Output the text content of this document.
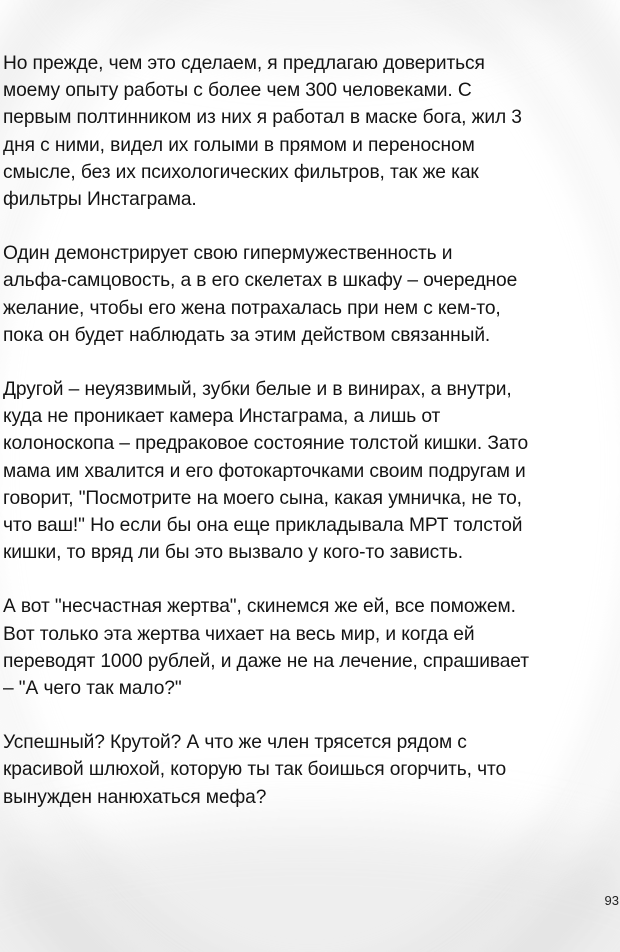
Но прежде, чем это сделаем, я предлагаю довериться
моему опыту работы с более чем 300 человеками. С
первым полтинником из них я работал в маске бога, жил 3
дня с ними, видел их голыми в прямом и переносном
смысле, без их психологических фильтров, так же как
фильтры Инстаграма.

Один демонстрирует свою гипермужественность и
альфа-самцовость, а в его скелетах в шкафу – очередное
желание, чтобы его жена потрахалась при нем с кем-то,
пока он будет наблюдать за этим действом связанный.

Другой – неуязвимый, зубки белые и в винирах, а внутри,
куда не проникает камера Инстаграма, а лишь от
колоноскопа – предраковое состояние толстой кишки. Зато
мама им хвалится и его фотокарточками своим подругам и
говорит, "Посмотрите на моего сына, какая умничка, не то,
что ваш!" Но если бы она еще прикладывала МРТ толстой
кишки, то вряд ли бы это вызвало у кого-то зависть.

А вот "несчастная жертва", скинемся же ей, все поможем.
Вот только эта жертва чихает на весь мир, и когда ей
переводят 1000 рублей, и даже не на лечение, спрашивает
– "А чего так мало?"

Успешный? Крутой? А что же член трясется рядом с
красивой шлюхой, которую ты так боишься огорчить, что
вынужден нанюхаться мефа?

93
